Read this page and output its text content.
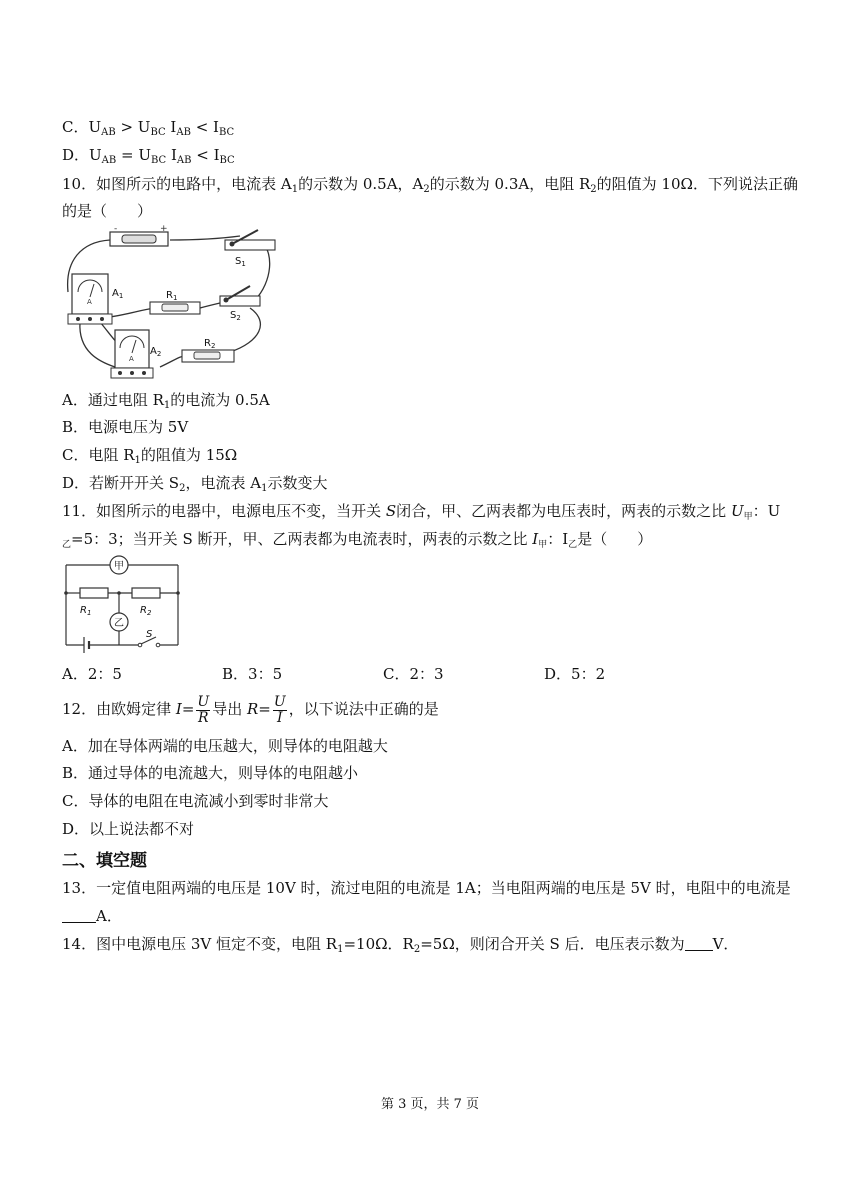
C．$U_{AB} > U_{BC}$ $I_{AB} < I_{BC}$
D．$U_{AB} = U_{BC}$ $I_{AB} < I_{BC}$
10．如图所示的电路中，电流表 $A_1$的示数为 0.5A，$A_2$的示数为 0.3A，电阻 $R_2$的阻值为 10Ω．下列说法正确
的是（　　）
-	+
$S_1$
A
$A_1$	$R_1$
$S_2$
A
$A_2$
$R_2$
A．通过电阻 $R_1$的电流为 0.5A
B．电源电压为 5V
C．电阻 $R_1$的阻值为 15Ω
D．若断开开关 $S_2$，电流表 $A_1$示数变大
11．如图所示的电器中，电源电压不变，当开关 S闭合，甲、乙两表都为电压表时，两表的示数之比 $U_甲$：U
$_乙$=5：3；当开关 S 断开，甲、乙两表都为电流表时，两表的示数之比 $I_甲$：$I_乙$是（　　）
甲
$R_1$	$R_2$
乙
S
A．2：5	B．3：5	C．2：3	D．5：2
12．由欧姆定律 $I= \frac{U}{R}$ 导出 $R= \frac{U}{I}$ ，以下说法中正确的是
A．加在导体两端的电压越大，则导体的电阻越大
B．通过导体的电流越大，则导体的电阻越小
C．导体的电阻在电流减小到零时非常大
D．以上说法都不对
二、填空题
13．一定值电阻两端的电压是 10V 时，流过电阻的电流是 1A；当电阻两端的电压是 5V 时，电阻中的电流是
A．
14．图中电源电压 3V 恒定不变，电阻 $R_1=10\Omega$．$R_2=5\Omega$，则闭合开关 S 后．电压表示数为 V．
第 3 页，共 7 页
